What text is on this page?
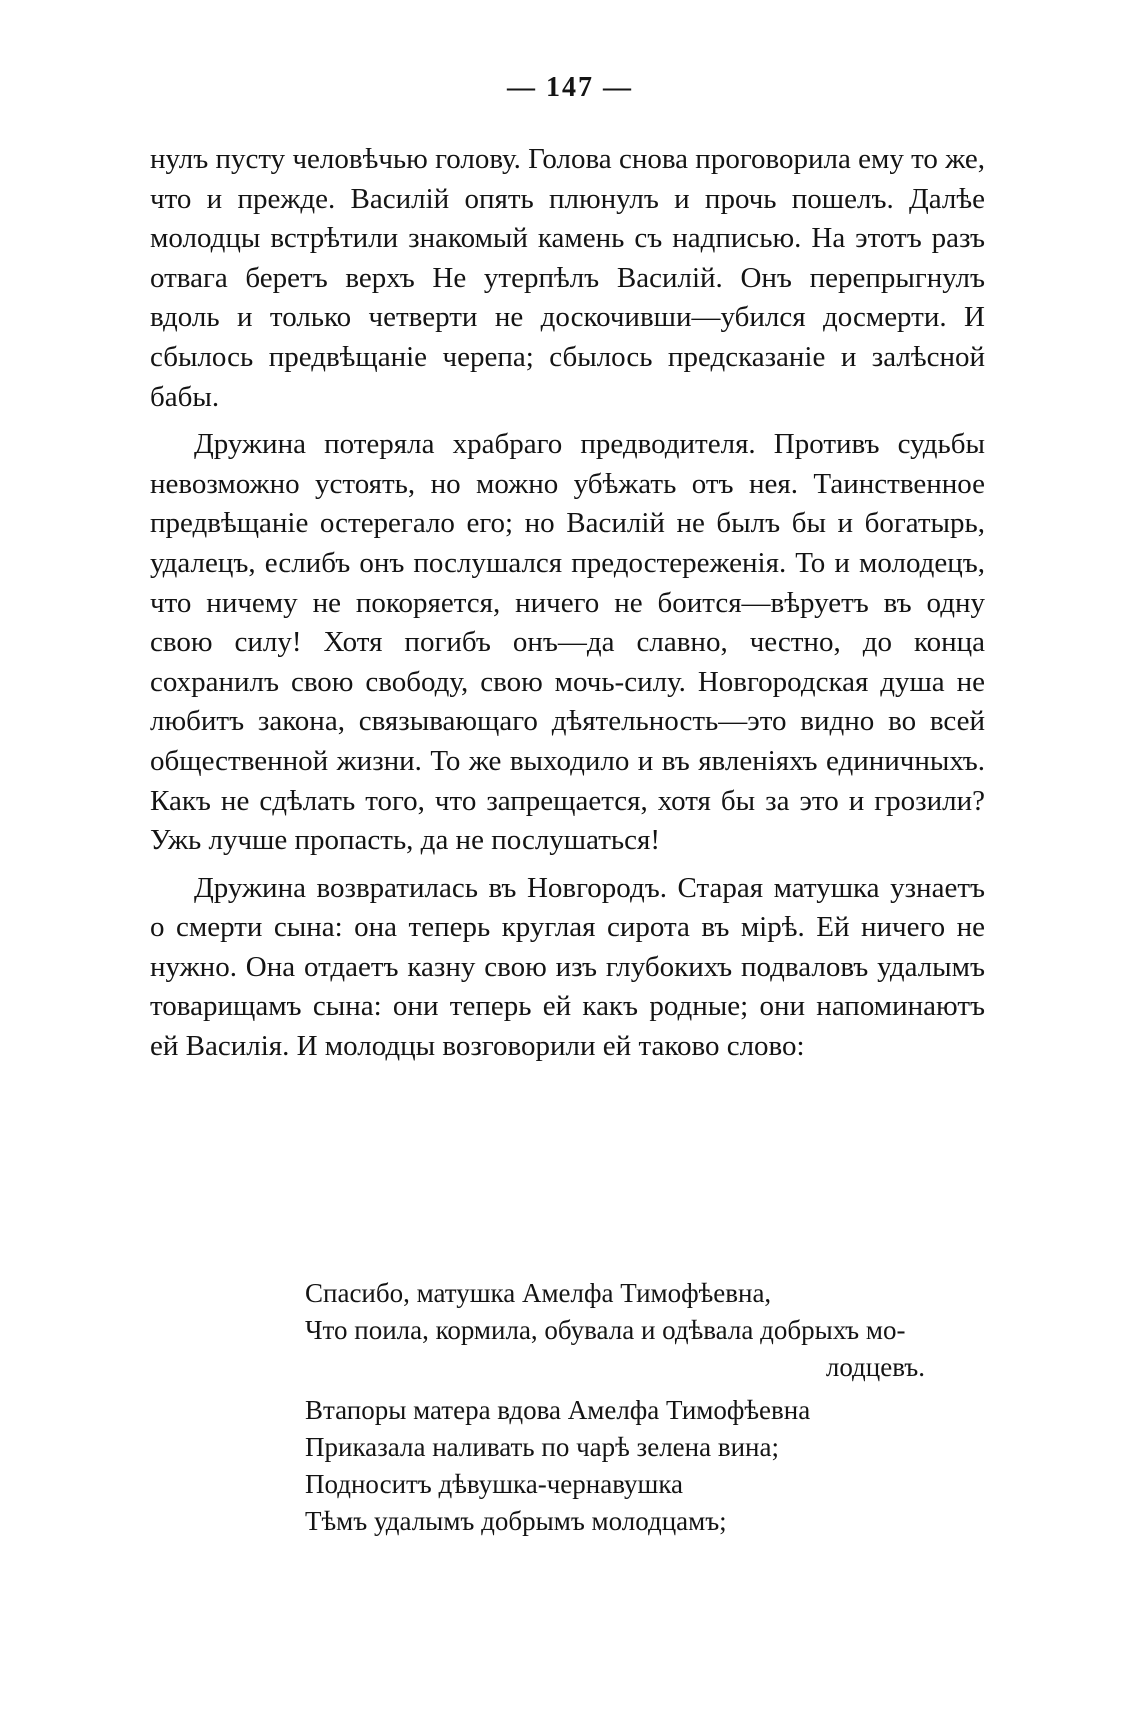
— 147 —

нулъ пусту человѣчью голову. Голова снова проговорила ему то же, что и прежде. Василій опять плюнулъ и прочь пошелъ. Далѣе молодцы встрѣтили знакомый камень съ надписью. На этотъ разъ отвага беретъ верхъ Не утерпѣлъ Василій. Онъ перепрыгнулъ вдоль и только четверти не доскочивши—убился досмерти. И сбылось предвѣщаніе черепа; сбылось предсказаніе и залѣсной бабы.

Дружина потеряла храбраго предводителя. Противъ судьбы невозможно устоять, но можно убѣжать отъ нея. Таинственное предвѣщаніе остерегало его; но Василій не былъ бы и богатырь, удалецъ, еслибъ онъ послушался предостереженія. То и молодецъ, что ничему не покоряется, ничего не боится—вѣруетъ въ одну свою силу! Хотя погибъ онъ—да славно, честно, до конца сохранилъ свою свободу, свою мочь-силу. Новгородская душа не любитъ закона, связывающаго дѣятельность—это видно во всей общественной жизни. То же выходило и въ явленіяхъ единичныхъ. Какъ не сдѣлать того, что запрещается, хотя бы за это и грозили? Ужь лучше пропасть, да не послушаться!

Дружина возвратилась въ Новгородъ. Старая матушка узнаетъ о смерти сына: она теперь круглая сирота въ мірѣ. Ей ничего не нужно. Она отдаетъ казну свою изъ глубокихъ подваловъ удалымъ товарищамъ сына: они теперь ей какъ родные; они напоминаютъ ей Василія. И молодцы возговорили ей таково слово:

Спасибо, матушка Амелфа Тимофѣевна,
Что поила, кормила, обувала и одѣвала добрыхъ мо-
лодцевъ.
Втапоры матера вдова Амелфа Тимофѣевна
Приказала наливать по чарѣ зелена вина;
Подноситъ дѣвушка-чернавушка
Тѣмъ удалымъ добрымъ молодцамъ;
